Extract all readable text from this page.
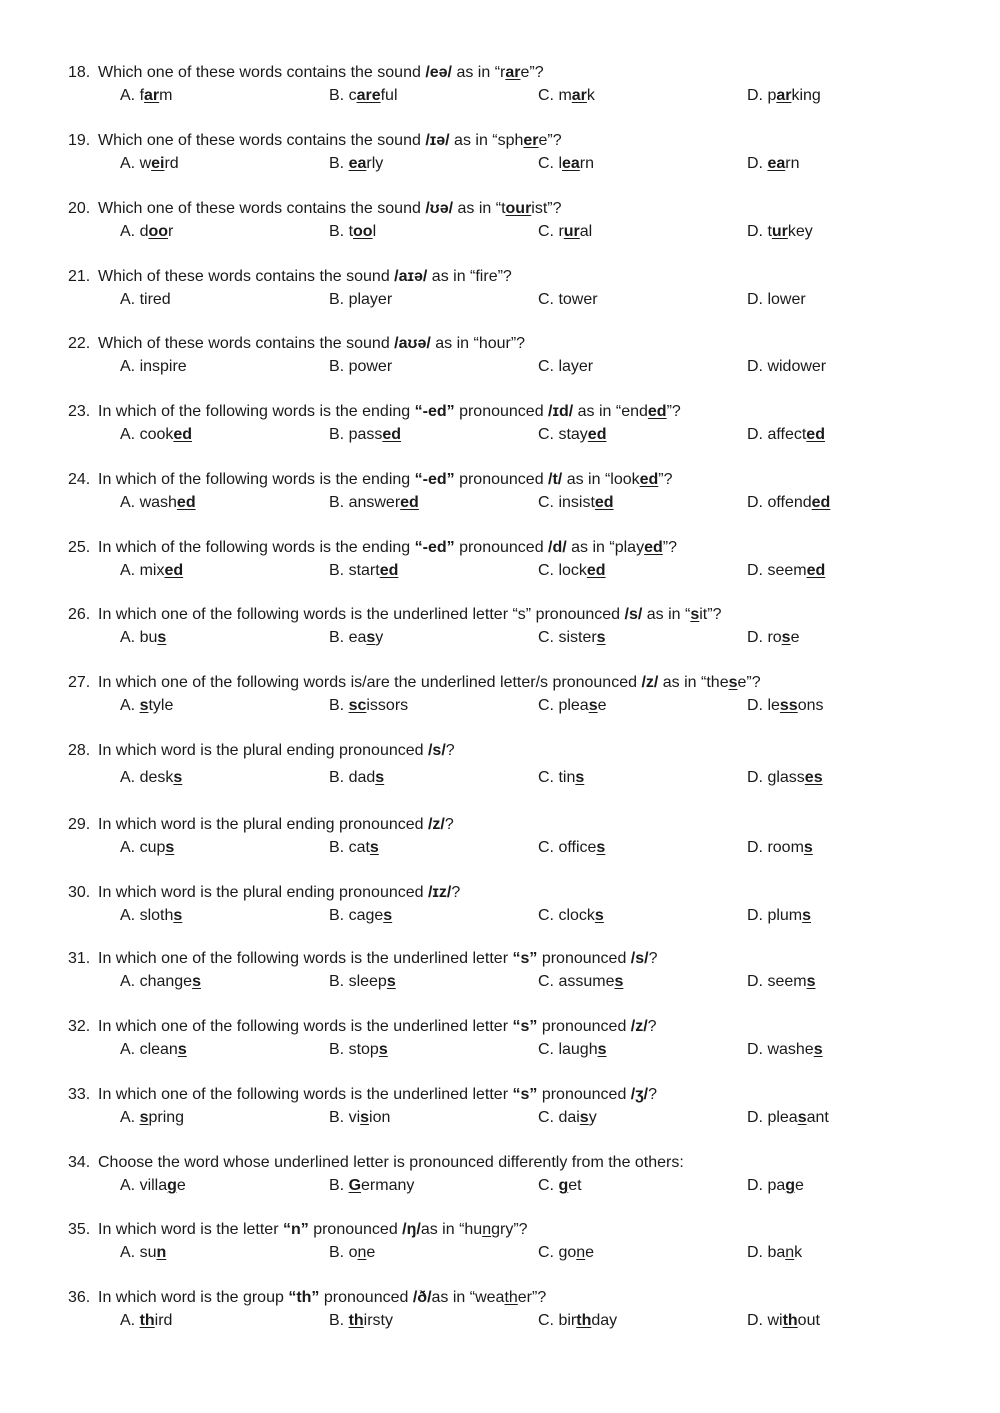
18. Which one of these words contains the sound /eə/ as in “rare”?
A. farm	B. careful	C. mark	D. parking
19. Which one of these words contains the sound /ɪə/ as in “sphere”?
A. weird	B. early	C. learn	D. earn
20. Which one of these words contains the sound /ʊə/ as in “tourist”?
A. door	B. tool	C. rural	D. turkey
21. Which of these words contains the sound /aɪə/ as in “fire”?
A. tired	B. player	C. tower	D. lower
22. Which of these words contains the sound /aʊə/ as in “hour”?
A. inspire	B. power	C. layer	D. widower
23. In which of the following words is the ending “-ed” pronounced /ɪd/ as in “ended”?
A. cooked	B. passed	C. stayed	D. affected
24. In which of the following words is the ending “-ed” pronounced /t/ as in “looked”?
A. washed	B. answered	C. insisted	D. offended
25. In which of the following words is the ending “-ed” pronounced /d/ as in “played”?
A. mixed	B. started	C. locked	D. seemed
26. In which one of the following words is the underlined letter “s” pronounced /s/ as in “sit”?
A. bus	B. easy	C. sisters	D. rose
27. In which one of the following words is/are the underlined letter/s pronounced /z/ as in “these”?
A. style	B. scissors	C. please	D. lessons
28. In which word is the plural ending pronounced /s/?
A. desks	B. dads	C. tins	D. glasses
29. In which word is the plural ending pronounced /z/?
A. cups	B. cats	C. offices	D. rooms
30. In which word is the plural ending pronounced /ɪz/?
A. sloths	B. cages	C. clocks	D. plums
31. In which one of the following words is the underlined letter “s” pronounced /s/?
A. changes	B. sleeps	C. assumes	D. seems
32. In which one of the following words is the underlined letter “s” pronounced /z/?
A. cleans	B. stops	C. laughs	D. washes
33. In which one of the following words is the underlined letter “s” pronounced /ʒ/?
A. spring	B. vision	C. daisy	D. pleasant
34. Choose the word whose underlined letter is pronounced differently from the others:
A. village	B. Germany	C. get	D. page
35. In which word is the letter “n” pronounced /ŋ/as in “hungry”?
A. sun	B. one	C. gone	D. bank
36. In which word is the group “th” pronounced /ð/as in “weather”?
A. third	B. thirsty	C. birthday	D. without
